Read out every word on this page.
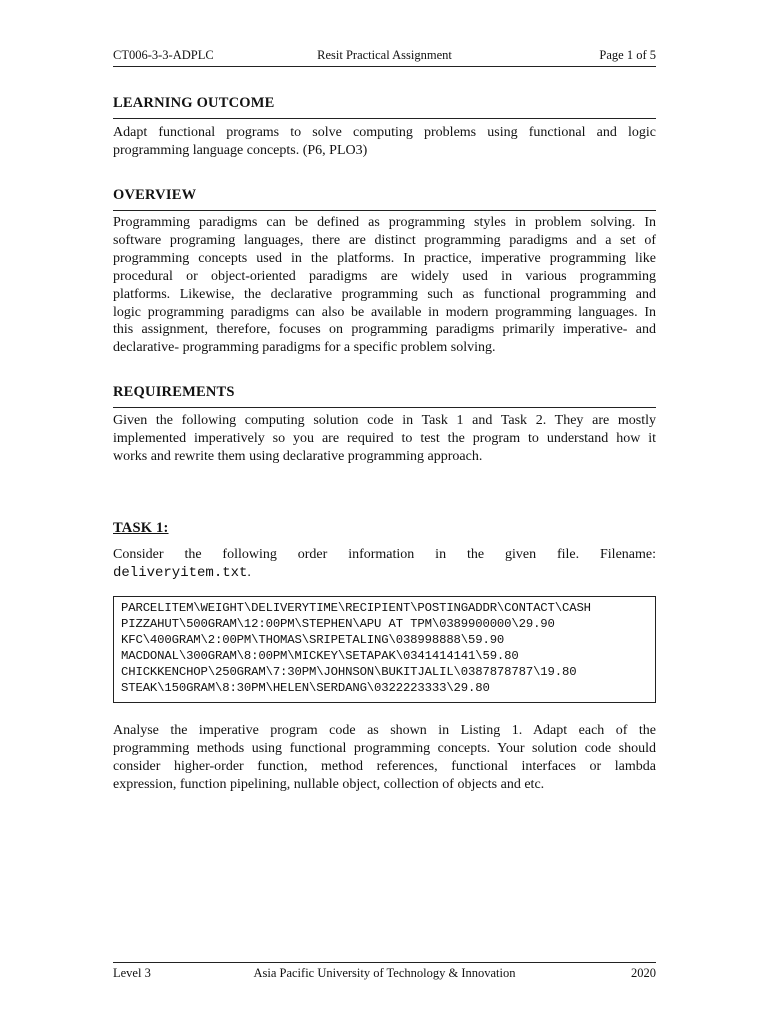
CT006-3-3-ADPLC	Resit Practical Assignment	Page 1 of 5
LEARNING OUTCOME

Adapt functional programs to solve computing problems using functional and logic
programming language concepts. (P6, PLO3)

OVERVIEW

Programming paradigms can be defined as programming styles in problem solving. In
software programing languages, there are distinct programming paradigms and a set of
programming concepts used in the platforms. In practice, imperative programming like
procedural or object-oriented paradigms are widely used in various programming
platforms. Likewise, the declarative programming such as functional programming and
logic programming paradigms can also be available in modern programming languages. In
this assignment, therefore, focuses on programming paradigms primarily imperative- and
declarative- programming paradigms for a specific problem solving.

REQUIREMENTS

Given the following computing solution code in Task 1 and Task 2. They are mostly
implemented imperatively so you are required to test the program to understand how it
works and rewrite them using declarative programming approach.

TASK 1:

Consider the following order information in the given file. Filename:
deliveryitem.txt.

PARCELITEM\WEIGHT\DELIVERYTIME\RECIPIENT\POSTINGADDR\CONTACT\CASH

PIZZAHUT\500GRAM\12:00PM\STEPHEN\APU AT TPM\0389900000\29.90

KFC\400GRAM\2:00PM\THOMAS\SRIPETALING\038998888\59.90

MACDONAL\300GRAM\8:00PM\MICKEY\SETAPAK\0341414141\59.80

CHICKKENCHOP\250GRAM\7:30PM\JOHNSON\BUKITJALIL\0387878787\19.80

STEAK\150GRAM\8:30PM\HELEN\SERDANG\0322223333\29.80

Analyse the imperative program code as shown in Listing 1. Adapt each of the
programming methods using functional programming concepts. Your solution code should
consider higher-order function, method references, functional interfaces or lambda
expression, function pipelining, nullable object, collection of objects and etc.

Level 3	Asia Pacific University of Technology & Innovation	2020
